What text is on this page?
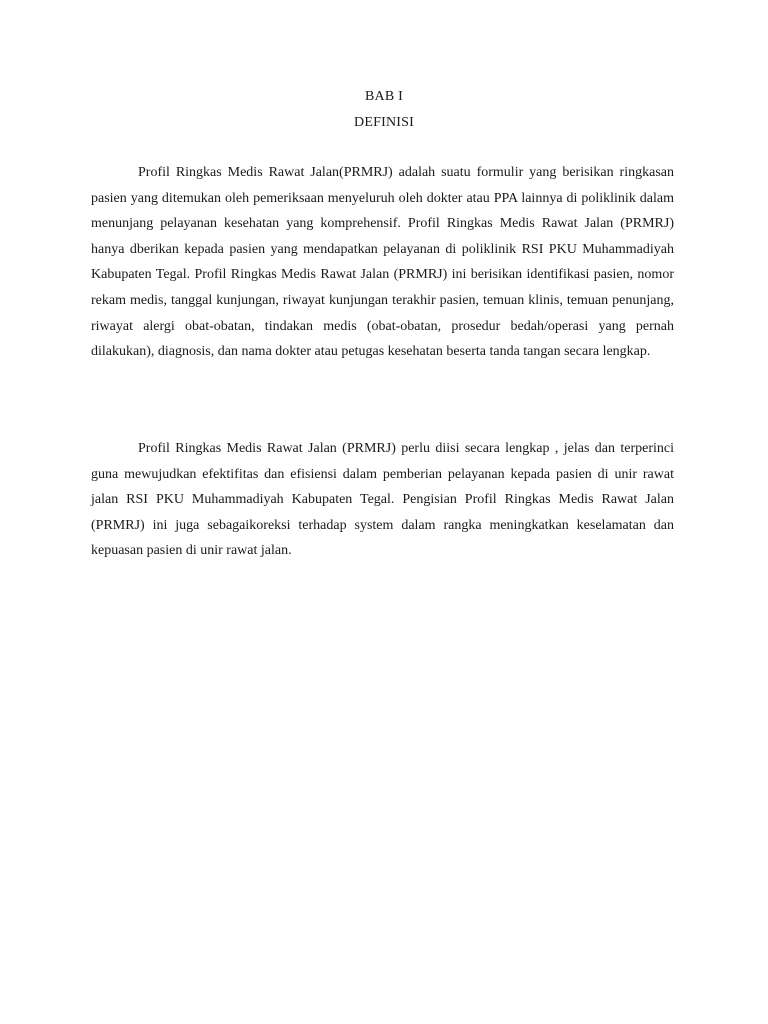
BAB I
DEFINISI

Profil Ringkas Medis Rawat Jalan(PRMRJ) adalah suatu formulir yang berisikan ringkasan pasien yang ditemukan oleh pemeriksaan menyeluruh oleh dokter atau PPA lainnya di poliklinik dalam menunjang pelayanan kesehatan yang komprehensif. Profil Ringkas Medis Rawat Jalan (PRMRJ) hanya dberikan kepada pasien yang mendapatkan pelayanan di poliklinik RSI PKU Muhammadiyah Kabupaten Tegal. Profil Ringkas Medis Rawat Jalan (PRMRJ) ini berisikan identifikasi pasien, nomor rekam medis, tanggal kunjungan, riwayat kunjungan terakhir pasien, temuan klinis, temuan penunjang, riwayat alergi obat-obatan, tindakan medis (obat-obatan, prosedur bedah/operasi yang pernah dilakukan), diagnosis, dan nama dokter atau petugas kesehatan beserta tanda tangan secara lengkap.

Profil Ringkas Medis Rawat Jalan (PRMRJ) perlu diisi secara lengkap , jelas dan terperinci guna mewujudkan efektifitas dan efisiensi dalam pemberian pelayanan kepada pasien di unir rawat jalan RSI PKU Muhammadiyah Kabupaten Tegal. Pengisian Profil Ringkas Medis Rawat Jalan (PRMRJ) ini juga sebagaikoreksi terhadap system dalam rangka meningkatkan keselamatan dan kepuasan pasien di unir rawat jalan.
